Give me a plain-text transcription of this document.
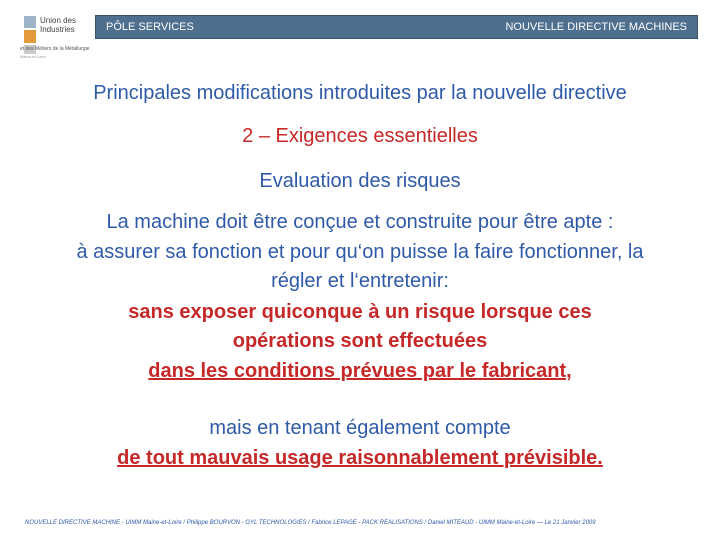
Union des
Industries
et des Métiers de la Métallurgie
Maine-et-Loire
PÔLE SERVICES	NOUVELLE DIRECTIVE MACHINES
Principales modifications introduites par la nouvelle directive
2 – Exigences essentielles
Evaluation des risques
La machine doit être conçue et construite pour être apte :
à assurer sa fonction et pour qu‘on puisse la faire fonctionner, la
régler et l‘entretenir:
sans exposer quiconque à un risque lorsque ces
opérations sont effectuées
dans les conditions prévues par le fabricant,
mais en tenant également compte
de tout mauvais usage raisonnablement prévisible.
NOUVELLE DIRECTIVE MACHINE - UIMM Maine-et-Loire / Philippe BOURVON - GYL TECHNOLOGIES / Fabrice LEPAGE - PACK REALISATIONS / Daniel MITEAUD - UIMM Maine-et-Loire — Le 21 Janvier 2009
